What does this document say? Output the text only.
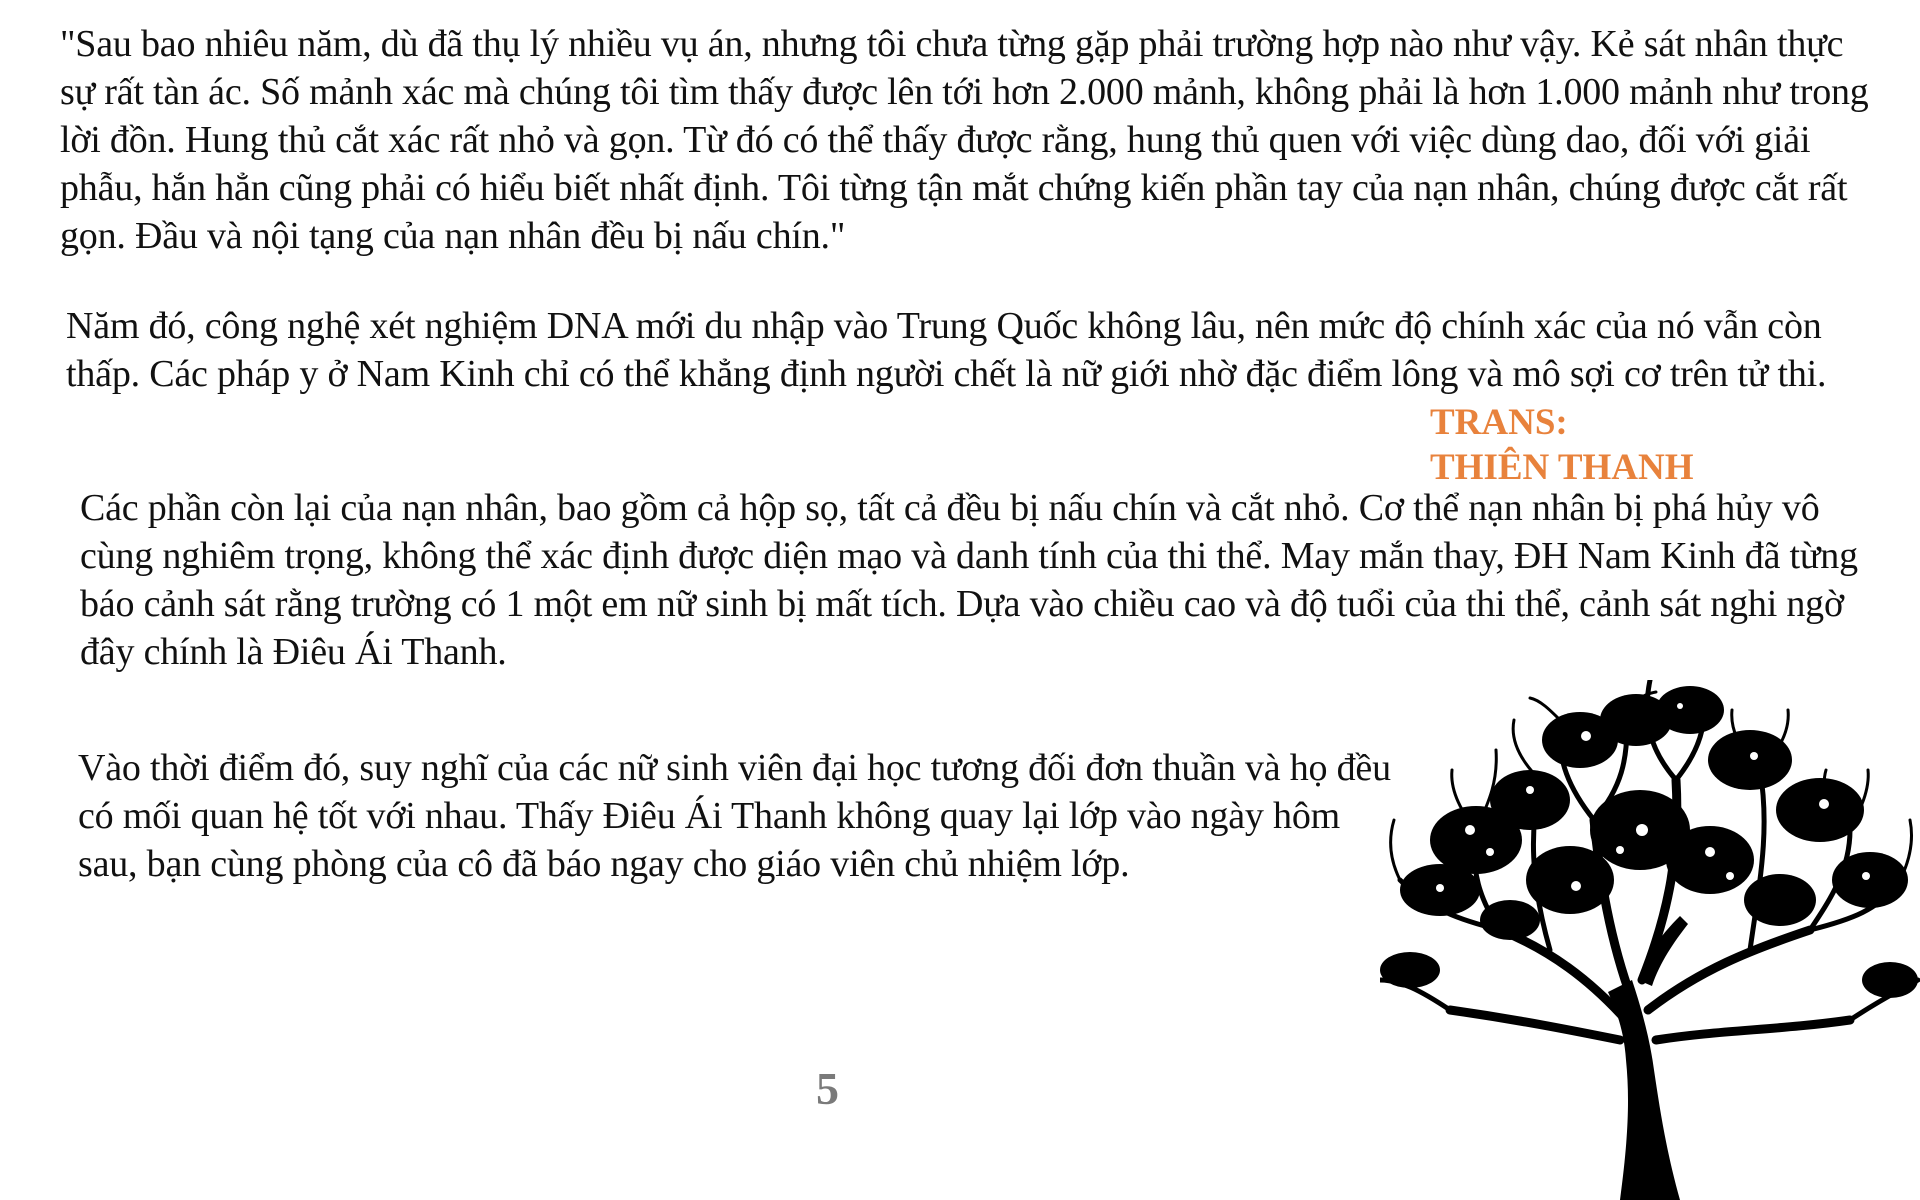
"Sau bao nhiêu năm, dù đã thụ lý nhiều vụ án, nhưng tôi chưa từng gặp phải trường hợp nào như vậy. Kẻ sát nhân thực sự rất tàn ác. Số mảnh xác mà chúng tôi tìm thấy được lên tới hơn 2.000 mảnh, không phải là hơn 1.000 mảnh như trong lời đồn. Hung thủ cắt xác rất nhỏ và gọn. Từ đó có thể thấy được rằng, hung thủ quen với việc dùng dao, đối với giải phẫu, hắn hẳn cũng phải có hiểu biết nhất định. Tôi từng tận mắt chứng kiến phần tay của nạn nhân, chúng được cắt rất gọn. Đầu và nội tạng của nạn nhân đều bị nấu chín."

Năm đó, công nghệ xét nghiệm DNA mới du nhập vào Trung Quốc không lâu, nên mức độ chính xác của nó vẫn còn thấp. Các pháp y ở Nam Kinh chỉ có thể khẳng định người chết là nữ giới nhờ đặc điểm lông và mô sợi cơ trên tử thi.

TRANS:
THIÊN THANH

Các phần còn lại của nạn nhân, bao gồm cả hộp sọ, tất cả đều bị nấu chín và cắt nhỏ. Cơ thể nạn nhân bị phá hủy vô cùng nghiêm trọng, không thể xác định được diện mạo và danh tính của thi thể. May mắn thay, ĐH Nam Kinh đã từng báo cảnh sát rằng trường có 1 một em nữ sinh bị mất tích. Dựa vào chiều cao và độ tuổi của thi thể, cảnh sát nghi ngờ đây chính là Điêu Ái Thanh.

Vào thời điểm đó, suy nghĩ của các nữ sinh viên đại học tương đối đơn thuần và họ đều có mối quan hệ tốt với nhau. Thấy Điêu Ái Thanh không quay lại lớp vào ngày hôm sau, bạn cùng phòng của cô đã báo ngay cho giáo viên chủ nhiệm lớp.

5
